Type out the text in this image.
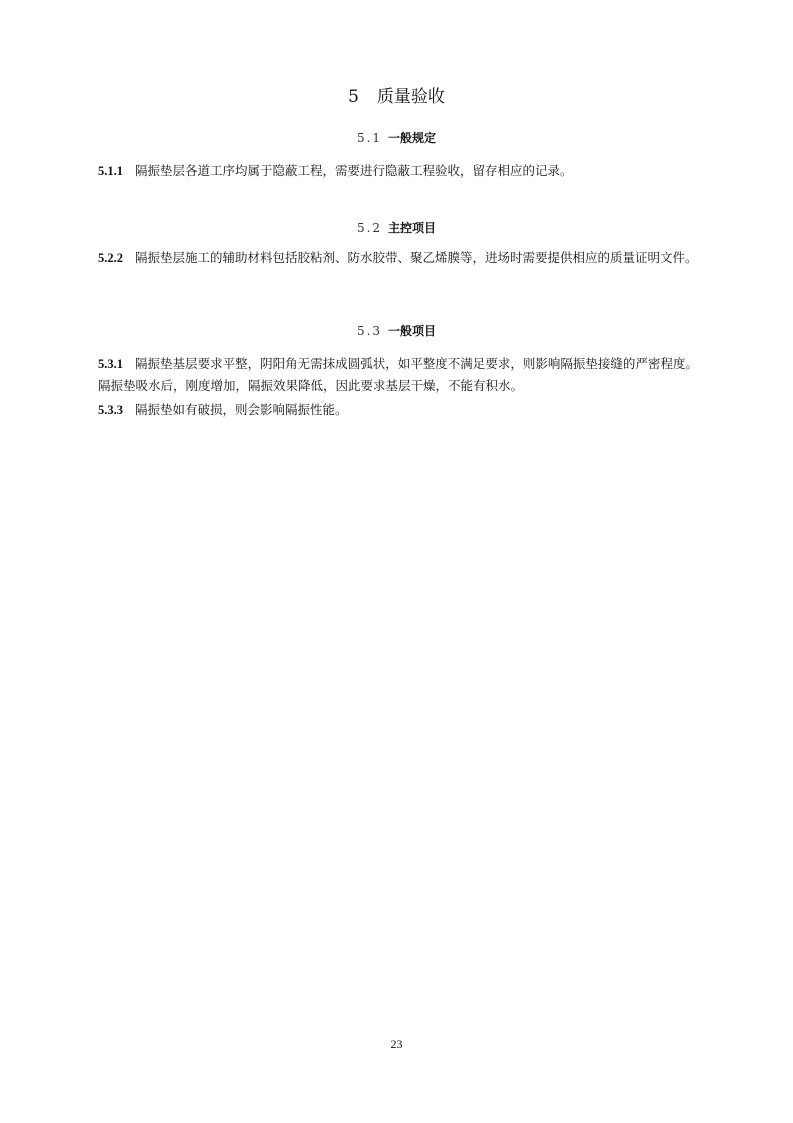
5 质量验收
5.1 一般规定
5.1.1 隔振垫层各道工序均属于隐蔽工程，需要进行隐蔽工程验收，留存相应的记录。
5.2 主控项目
5.2.2 隔振垫层施工的辅助材料包括胶粘剂、防水胶带、聚乙烯膜等，进场时需要提供相应的质量证明文件。
5.3 一般项目
5.3.1 隔振垫基层要求平整，阴阳角无需抹成圆弧状，如平整度不满足要求，则影响隔振垫接缝的严密程度。隔振垫吸水后，刚度增加，隔振效果降低，因此要求基层干燥，不能有积水。
5.3.3 隔振垫如有破损，则会影响隔振性能。
23
